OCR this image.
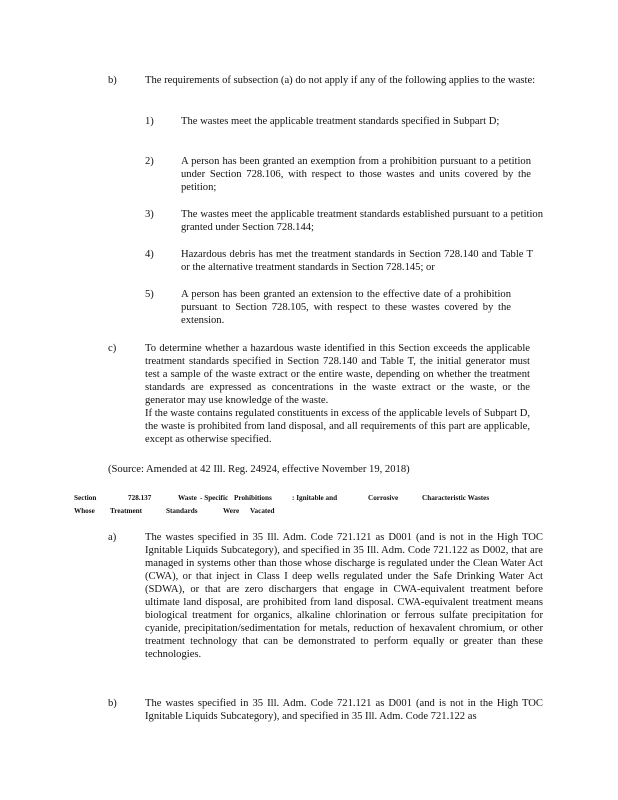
b)	The requirements of subsection (a) do not apply if any of the following applies to the waste:
1)	The wastes meet the applicable treatment standards specified in Subpart D;
2)	A person has been granted an exemption from a prohibition pursuant to a petition under Section 728.106, with respect to those wastes and units covered by the petition;
3)	The wastes meet the applicable treatment standards established pursuant to a petition granted under Section 728.144;
4)	Hazardous debris has met the treatment standards in Section 728.140 and Table T or the alternative treatment standards in Section 728.145; or
5)	A person has been granted an extension to the effective date of a prohibition pursuant to Section 728.105, with respect to these wastes covered by the extension.
c)	To determine whether a hazardous waste identified in this Section exceeds the applicable treatment standards specified in Section 728.140 and Table T, the initial generator must test a sample of the waste extract or the entire waste, depending on whether the treatment standards are expressed as concentrations in the waste extract or the waste, or the generator may use knowledge of the waste.

If the waste contains regulated constituents in excess of the applicable levels of Subpart D, the waste is prohibited from land disposal, and all requirements of this part are applicable, except as otherwise specified.

(Source: Amended at 42 Ill. Reg. 24924, effective November 19, 2018)
Section	728.137	Waste - Specific Prohibitions	: Ignitable and	Corrosive	Characteristic Wastes
Whose Treatment	Standards	Were Vacated
a)	The wastes specified in 35 Ill. Adm. Code 721.121 as D001 (and is not in the High TOC Ignitable Liquids Subcategory), and specified in 35 Ill. Adm. Code 721.122 as D002, that are managed in systems other than those whose discharge is regulated under the Clean Water Act (CWA), or that inject in Class I deep wells regulated under the Safe Drinking Water Act (SDWA), or that are zero dischargers that engage in CWA-equivalent treatment before ultimate land disposal, are prohibited from land disposal. CWA-equivalent treatment means biological treatment for organics, alkaline chlorination or ferrous sulfate precipitation for cyanide, precipitation/sedimentation for metals, reduction of hexavalent chromium, or other treatment technology that can be demonstrated to perform equally or greater than these technologies.
b)	The wastes specified in 35 Ill. Adm. Code 721.121 as D001 (and is not in the High TOC Ignitable Liquids Subcategory), and specified in 35 Ill. Adm. Code 721.122 as
